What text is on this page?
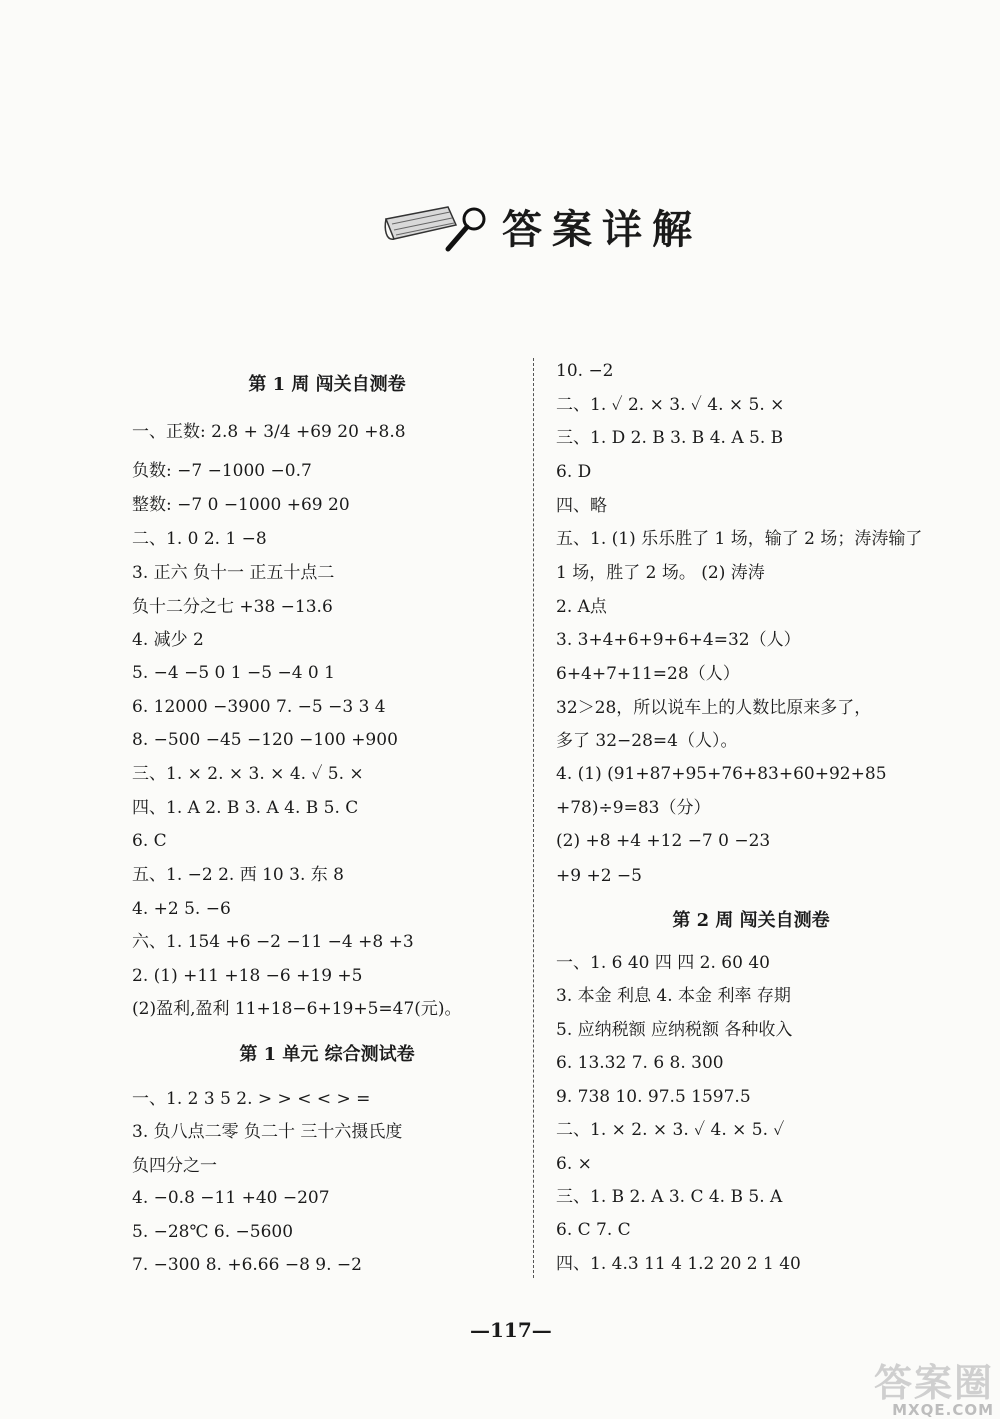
答案详解
第 1 周 闯关自测卷
一、正数: 2.8 + 3/4 +69 20 +8.8
负数: −7 −1000 −0.7
整数: −7 0 −1000 +69 20
二、1. 0 2. 1 −8
3. 正六 负十一 正五十点二
负十二分之七 +38 −13.6
4. 减少 2
5. −4 −5 0 1 −5 −4 0 1
6. 12000 −3900 7. −5 −3 3 4
8. −500 −45 −120 −100 +900
三、1. × 2. × 3. × 4. ✓ 5. ×
四、1. A 2. B 3. A 4. B 5. C
6. C
五、1. −2 2. 西 10 3. 东 8
4. +2 5. −6
六、1. 154 +6 −2 −11 −4 +8 +3
2. (1) +11 +18 −6 +19 +5
(2)盈利,盈利 11+18−6+19+5=47(元)。
第 1 单元 综合测试卷
一、1. 2 3 5 2. > > < < > =
3. 负八点二零 负二十 三十六摄氏度
负四分之一
4. −0.8 −11 +40 −207
5. −28℃ 6. −5600
7. −300 8. +6.66 −8 9. −2
10. −2
二、1. ✓ 2. × 3. ✓ 4. × 5. ×
三、1. D 2. B 3. B 4. A 5. B
6. D
四、略
五、1. (1) 乐乐胜了 1 场，输了 2 场；涛涛输了
1 场，胜了 2 场。 (2) 涛涛
2. A点
3. 3+4+6+9+6+4=32（人）
6+4+7+11=28（人）
32＞28，所以说车上的人数比原来多了，
多了 32−28=4（人）。
4. (1) (91+87+95+76+83+60+92+85
+78)÷9=83（分）
(2) +8 +4 +12 −7 0 −23
+9 +2 −5
第 2 周 闯关自测卷
一、1. 6 40 四 四 2. 60 40
3. 本金 利息 4. 本金 利率 存期
5. 应纳税额 应纳税额 各种收入
6. 13.32 7. 6 8. 300
9. 738 10. 97.5 1597.5
二、1. × 2. × 3. ✓ 4. × 5. ✓
6. ×
三、1. B 2. A 3. C 4. B 5. A
6. C 7. C
四、1. 4.3 11 4 1.2 20 2 1 40
—117—
答案圈
MXQE.COM
